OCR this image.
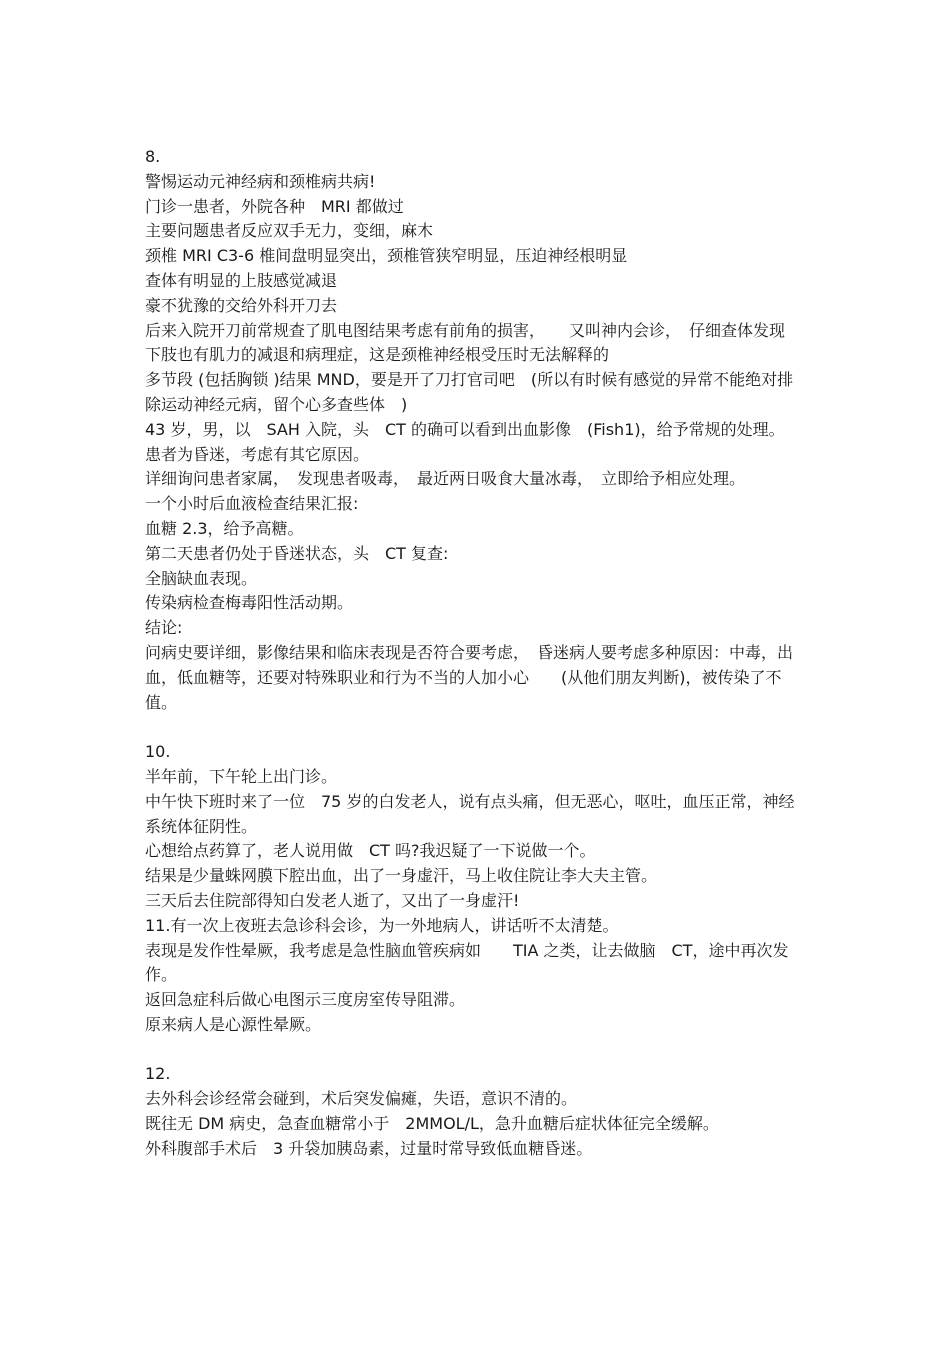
8.
警惕运动元神经病和颈椎病共病!
门诊一患者，外院各种　MRI 都做过
主要问题患者反应双手无力，变细，麻木
颈椎 MRI C3-6 椎间盘明显突出，颈椎管狭窄明显，压迫神经根明显
查体有明显的上肢感觉减退
豪不犹豫的交给外科开刀去
后来入院开刀前常规查了肌电图结果考虑有前角的损害，　　又叫神内会诊，　仔细查体发现
下肢也有肌力的减退和病理症，这是颈椎神经根受压时无法解释的
多节段 (包括胸锁 )结果 MND，要是开了刀打官司吧　(所以有时候有感觉的异常不能绝对排除运动神经元病，留个心多查些体　)
43 岁，男，以　SAH 入院，头　CT 的确可以看到出血影像　(Fish1)，给予常规的处理。
患者为昏迷，考虑有其它原因。
详细询问患者家属，　发现患者吸毒，　最近两日吸食大量冰毒，　立即给予相应处理。
一个小时后血液检查结果汇报:
血糖 2.3，给予高糖。
第二天患者仍处于昏迷状态，头　CT 复查:
全脑缺血表现。
传染病检查梅毒阳性活动期。
结论:
问病史要详细，影像结果和临床表现是否符合要考虑，　昏迷病人要考虑多种原因：中毒，出血，低血糖等，还要对特殊职业和行为不当的人加小心　　(从他们朋友判断)，被传染了不值。
10.
半年前，下午轮上出门诊。
中午快下班时来了一位　75 岁的白发老人，说有点头痛，但无恶心，呕吐，血压正常，神经系统体征阴性。
心想给点药算了，老人说用做　CT 吗?我迟疑了一下说做一个。
结果是少量蛛网膜下腔出血，出了一身虚汗，马上收住院让李大夫主管。
三天后去住院部得知白发老人逝了，又出了一身虚汗!
11.有一次上夜班去急诊科会诊，为一外地病人，讲话听不太清楚。
表现是发作性晕厥，我考虑是急性脑血管疾病如　　TIA 之类，让去做脑　CT，途中再次发作。
返回急症科后做心电图示三度房室传导阻滞。
原来病人是心源性晕厥。
12.
去外科会诊经常会碰到，术后突发偏瘫，失语，意识不清的。
既往无 DM 病史，急查血糖常小于　2MMOL/L，急升血糖后症状体征完全缓解。
外科腹部手术后　3 升袋加胰岛素，过量时常导致低血糖昏迷。
